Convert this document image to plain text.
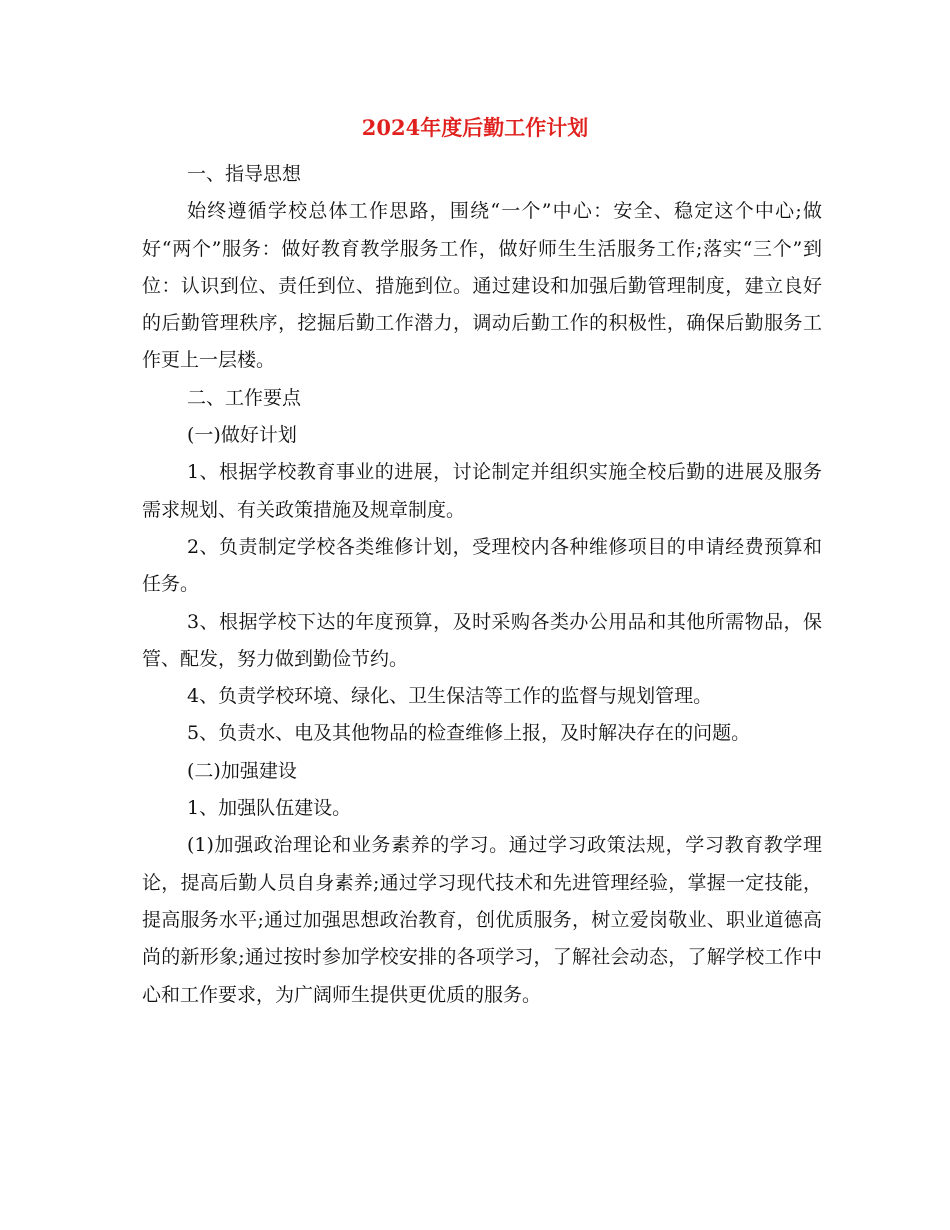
2024年度后勤工作计划

一、指导思想

始终遵循学校总体工作思路，围绕“一个”中心：安全、稳定这个中心;做好“两个”服务：做好教育教学服务工作，做好师生生活服务工作;落实“三个”到位：认识到位、责任到位、措施到位。通过建设和加强后勤管理制度，建立良好的后勤管理秩序，挖掘后勤工作潜力，调动后勤工作的积极性，确保后勤服务工作更上一层楼。

二、工作要点

(一)做好计划

1、根据学校教育事业的进展，讨论制定并组织实施全校后勤的进展及服务需求规划、有关政策措施及规章制度。

2、负责制定学校各类维修计划，受理校内各种维修项目的申请经费预算和任务。

3、根据学校下达的年度预算，及时采购各类办公用品和其他所需物品，保管、配发，努力做到勤俭节约。

4、负责学校环境、绿化、卫生保洁等工作的监督与规划管理。

5、负责水、电及其他物品的检查维修上报，及时解决存在的问题。

(二)加强建设

1、加强队伍建设。

(1)加强政治理论和业务素养的学习。通过学习政策法规，学习教育教学理论，提高后勤人员自身素养;通过学习现代技术和先进管理经验，掌握一定技能，提高服务水平;通过加强思想政治教育，创优质服务，树立爱岗敬业、职业道德高尚的新形象;通过按时参加学校安排的各项学习，了解社会动态，了解学校工作中心和工作要求，为广阔师生提供更优质的服务。
